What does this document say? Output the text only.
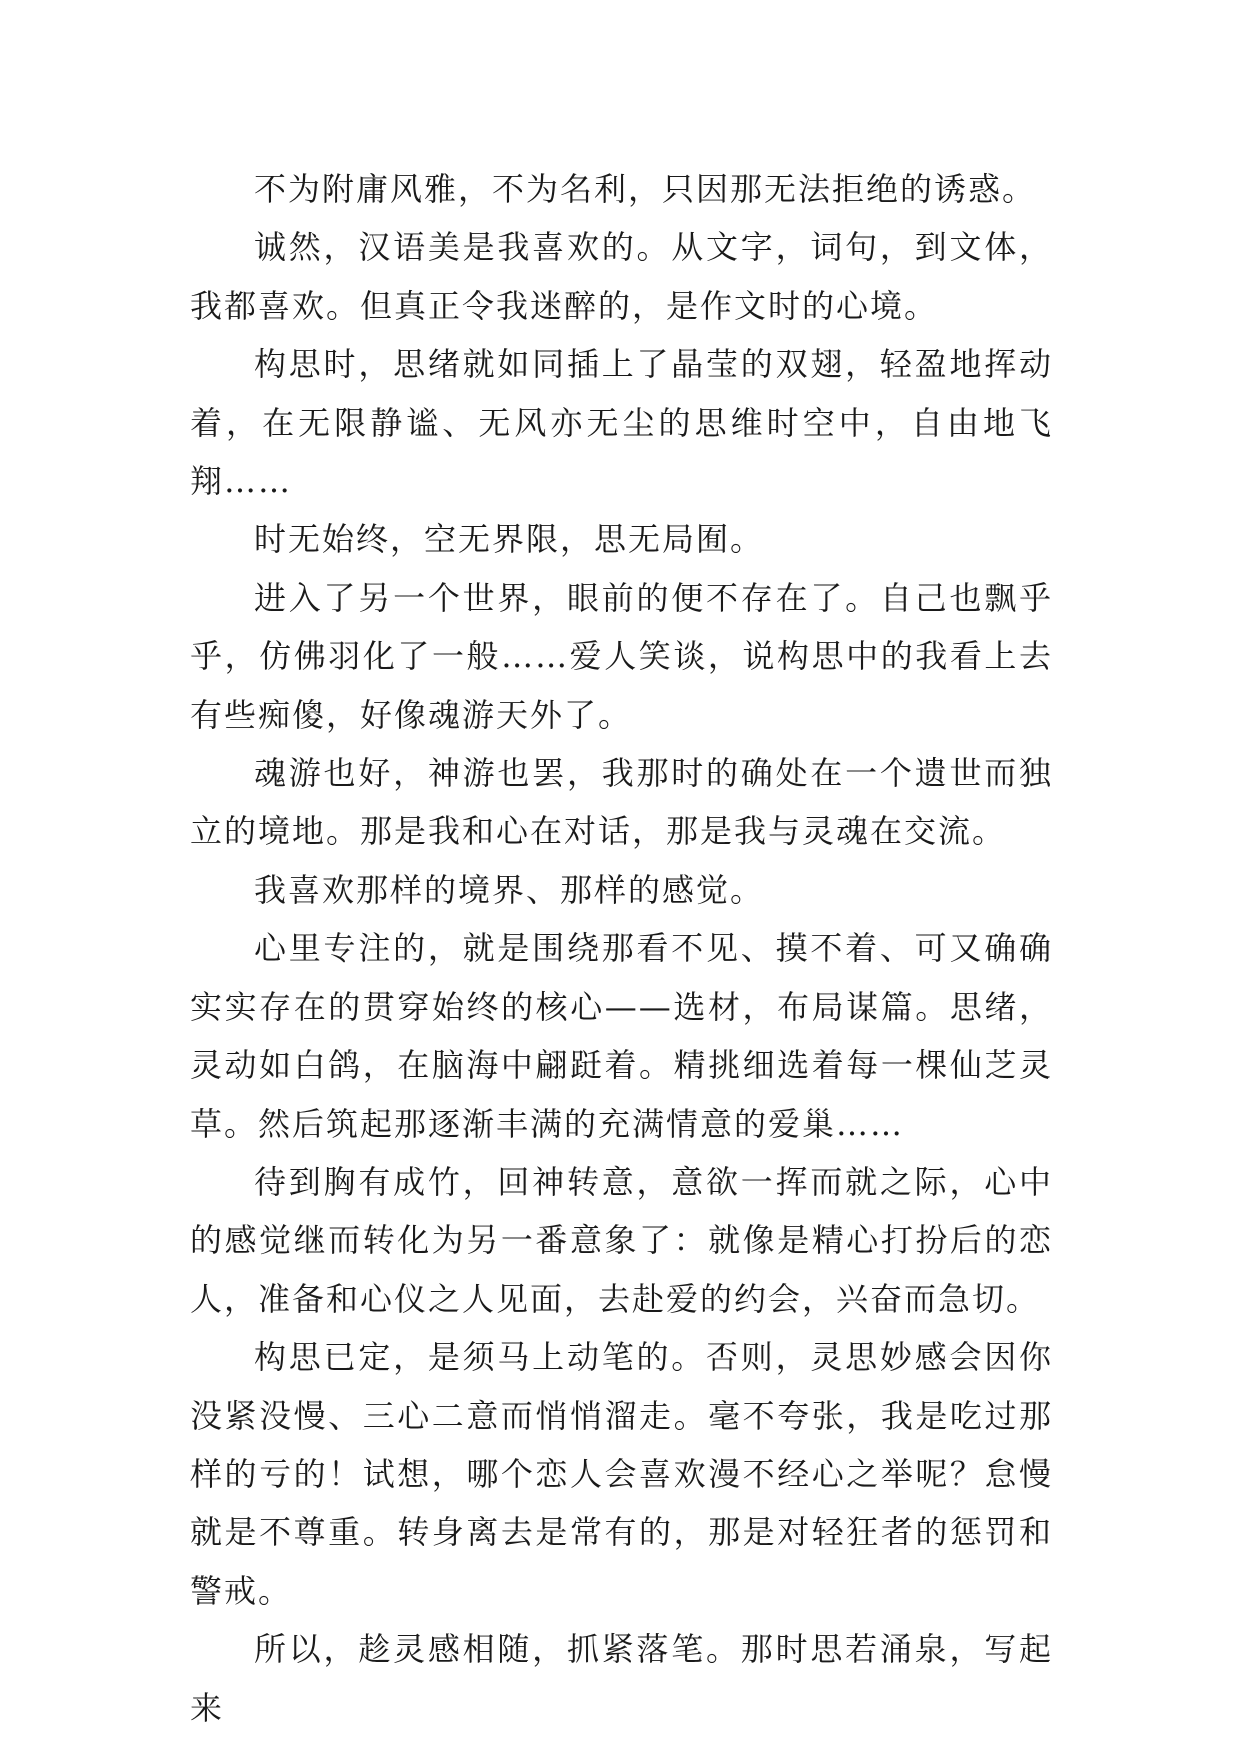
不为附庸风雅，不为名利，只因那无法拒绝的诱惑。

诚然，汉语美是我喜欢的。从文字，词句，到文体，我都喜欢。但真正令我迷醉的，是作文时的心境。

构思时，思绪就如同插上了晶莹的双翅，轻盈地挥动着，在无限静谧、无风亦无尘的思维时空中，自由地飞翔……

时无始终，空无界限，思无局囿。

进入了另一个世界，眼前的便不存在了。自己也飘乎乎，仿佛羽化了一般……爱人笑谈，说构思中的我看上去有些痴傻，好像魂游天外了。

魂游也好，神游也罢，我那时的确处在一个遗世而独立的境地。那是我和心在对话，那是我与灵魂在交流。

我喜欢那样的境界、那样的感觉。

心里专注的，就是围绕那看不见、摸不着、可又确确实实存在的贯穿始终的核心——选材，布局谋篇。思绪，灵动如白鸽，在脑海中翩跹着。精挑细选着每一棵仙芝灵草。然后筑起那逐渐丰满的充满情意的爱巢……

待到胸有成竹，回神转意，意欲一挥而就之际，心中的感觉继而转化为另一番意象了：就像是精心打扮后的恋人，准备和心仪之人见面，去赴爱的约会，兴奋而急切。

构思已定，是须马上动笔的。否则，灵思妙感会因你没紧没慢、三心二意而悄悄溜走。毫不夸张，我是吃过那样的亏的！试想，哪个恋人会喜欢漫不经心之举呢？怠慢就是不尊重。转身离去是常有的，那是对轻狂者的惩罚和警戒。

所以，趁灵感相随，抓紧落笔。那时思若涌泉，写起来
